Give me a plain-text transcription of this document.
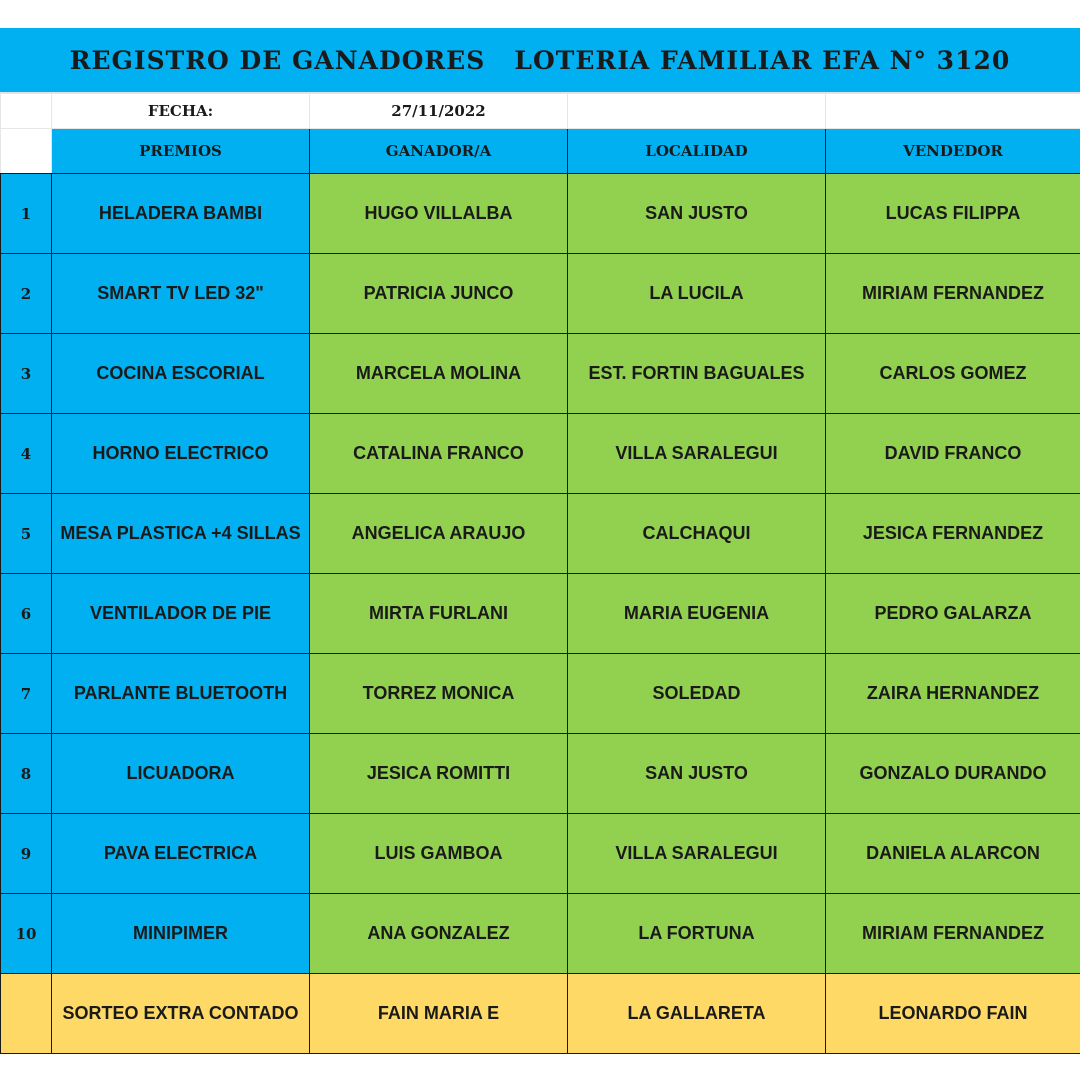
REGISTRO DE GANADORES   LOTERIA FAMILIAR EFA N° 3120
	FECHA:	27/11/2022		
	PREMIOS	GANADOR/A	LOCALIDAD	VENDEDOR
1	HELADERA BAMBI	HUGO VILLALBA	SAN JUSTO	LUCAS FILIPPA
2	SMART TV LED 32"	PATRICIA JUNCO	LA LUCILA	MIRIAM FERNANDEZ
3	COCINA ESCORIAL	MARCELA MOLINA	EST. FORTIN BAGUALES	CARLOS GOMEZ
4	HORNO ELECTRICO	CATALINA FRANCO	VILLA SARALEGUI	DAVID FRANCO
5	MESA PLASTICA +4 SILLAS	ANGELICA ARAUJO	CALCHAQUI	JESICA FERNANDEZ
6	VENTILADOR DE PIE	MIRTA FURLANI	MARIA EUGENIA	PEDRO GALARZA
7	PARLANTE BLUETOOTH	TORREZ MONICA	SOLEDAD	ZAIRA HERNANDEZ
8	LICUADORA	JESICA ROMITTI	SAN JUSTO	GONZALO DURANDO
9	PAVA ELECTRICA	LUIS GAMBOA	VILLA SARALEGUI	DANIELA ALARCON
10	MINIPIMER	ANA GONZALEZ	LA FORTUNA	MIRIAM FERNANDEZ
	SORTEO EXTRA CONTADO	FAIN MARIA E	LA GALLARETA	LEONARDO FAIN
